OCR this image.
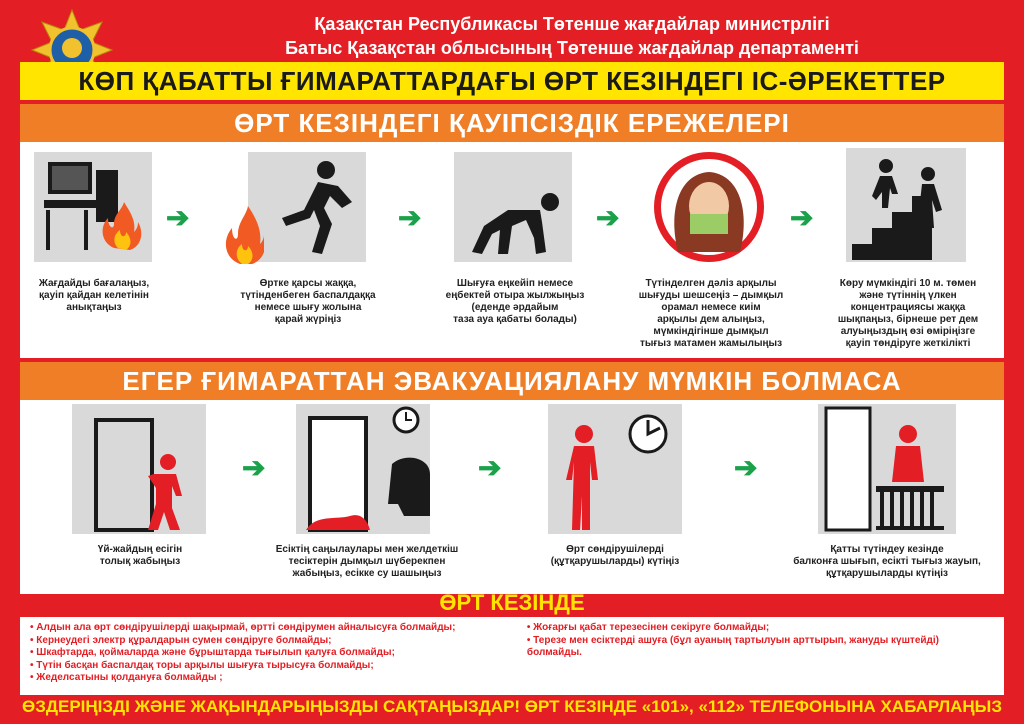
Қазақстан Республикасы Төтенше жағдайлар министрлігі
Батыс Қазақстан облысының Төтенше жағдайлар департаменті
КӨП ҚАБАТТЫ ҒИМАРАТТАРДАҒЫ ӨРТ КЕЗІНДЕГІ ІС-ӘРЕКЕТТЕР
ӨРТ КЕЗІНДЕГІ ҚАУІПСІЗДІК ЕРЕЖЕЛЕРІ
Жағдайды бағалаңыз,
қауіп қайдан келетінін
анықтаңыз
➔
Өртке қарсы жаққа,
түтінденбеген баспалдаққа
немесе шығу жолына
қарай жүріңіз
➔
Шығуға еңкейіп немесе
еңбектей отыра жылжыңыз
(еденде әрдайым
таза ауа қабаты болады)
➔
Түтінделген дәліз арқылы
шығуды шешсеңіз – дымқыл
орамал немесе киім
арқылы дем алыңыз,
мүмкіндігінше дымқыл
тығыз матамен жамылыңыз
➔
Көру мүмкіндігі 10 м. төмен
және түтіннің үлкен
концентрациясы жаққа
шықпаңыз, бірнеше рет дем
алуыңыздың өзі өміріңізге
қауіп төндіруге жеткілікті
ЕГЕР ҒИМАРАТТАН ЭВАКУАЦИЯЛАНУ МҮМКІН БОЛМАСА
Үй-жайдың есігін
толық жабыңыз
➔
Есіктің саңылаулары мен желдеткіш
тесіктерін дымқыл шүберекпен
жабыңыз, есікке су шашыңыз
➔
Өрт сөндірушілерді
(құтқарушыларды) күтіңіз
➔
Қатты түтіндеу кезінде
балконға шығып, есікті тығыз жауып,
құтқарушыларды күтіңіз
ӨРТ КЕЗІНДЕ
• Алдын ала өрт сөндірушілерді шақырмай, өртті сөндірумен айналысуға болмайды;
• Кернеудегі электр құралдарын сумен сөндіруге болмайды;
• Шкафтарда, қоймаларда және бұрыштарда тығылып қалуға болмайды;
• Түтін басқан баспалдақ торы арқылы шығуға тырысуға болмайды;
• Жеделсатыны қолдануға болмайды ;
• Жоғарғы қабат терезесінен секіруге болмайды;
• Терезе мен есіктерді ашуға (бұл ауаның тартылуын арттырып, жануды күштейді)
болмайды.
ӨЗДЕРІҢІЗДІ ЖӘНЕ ЖАҚЫНДАРЫҢЫЗДЫ САҚТАҢЫЗДАР! ӨРТ КЕЗІНДЕ «101», «112» ТЕЛЕФОНЫНА ХАБАРЛАҢЫЗ
